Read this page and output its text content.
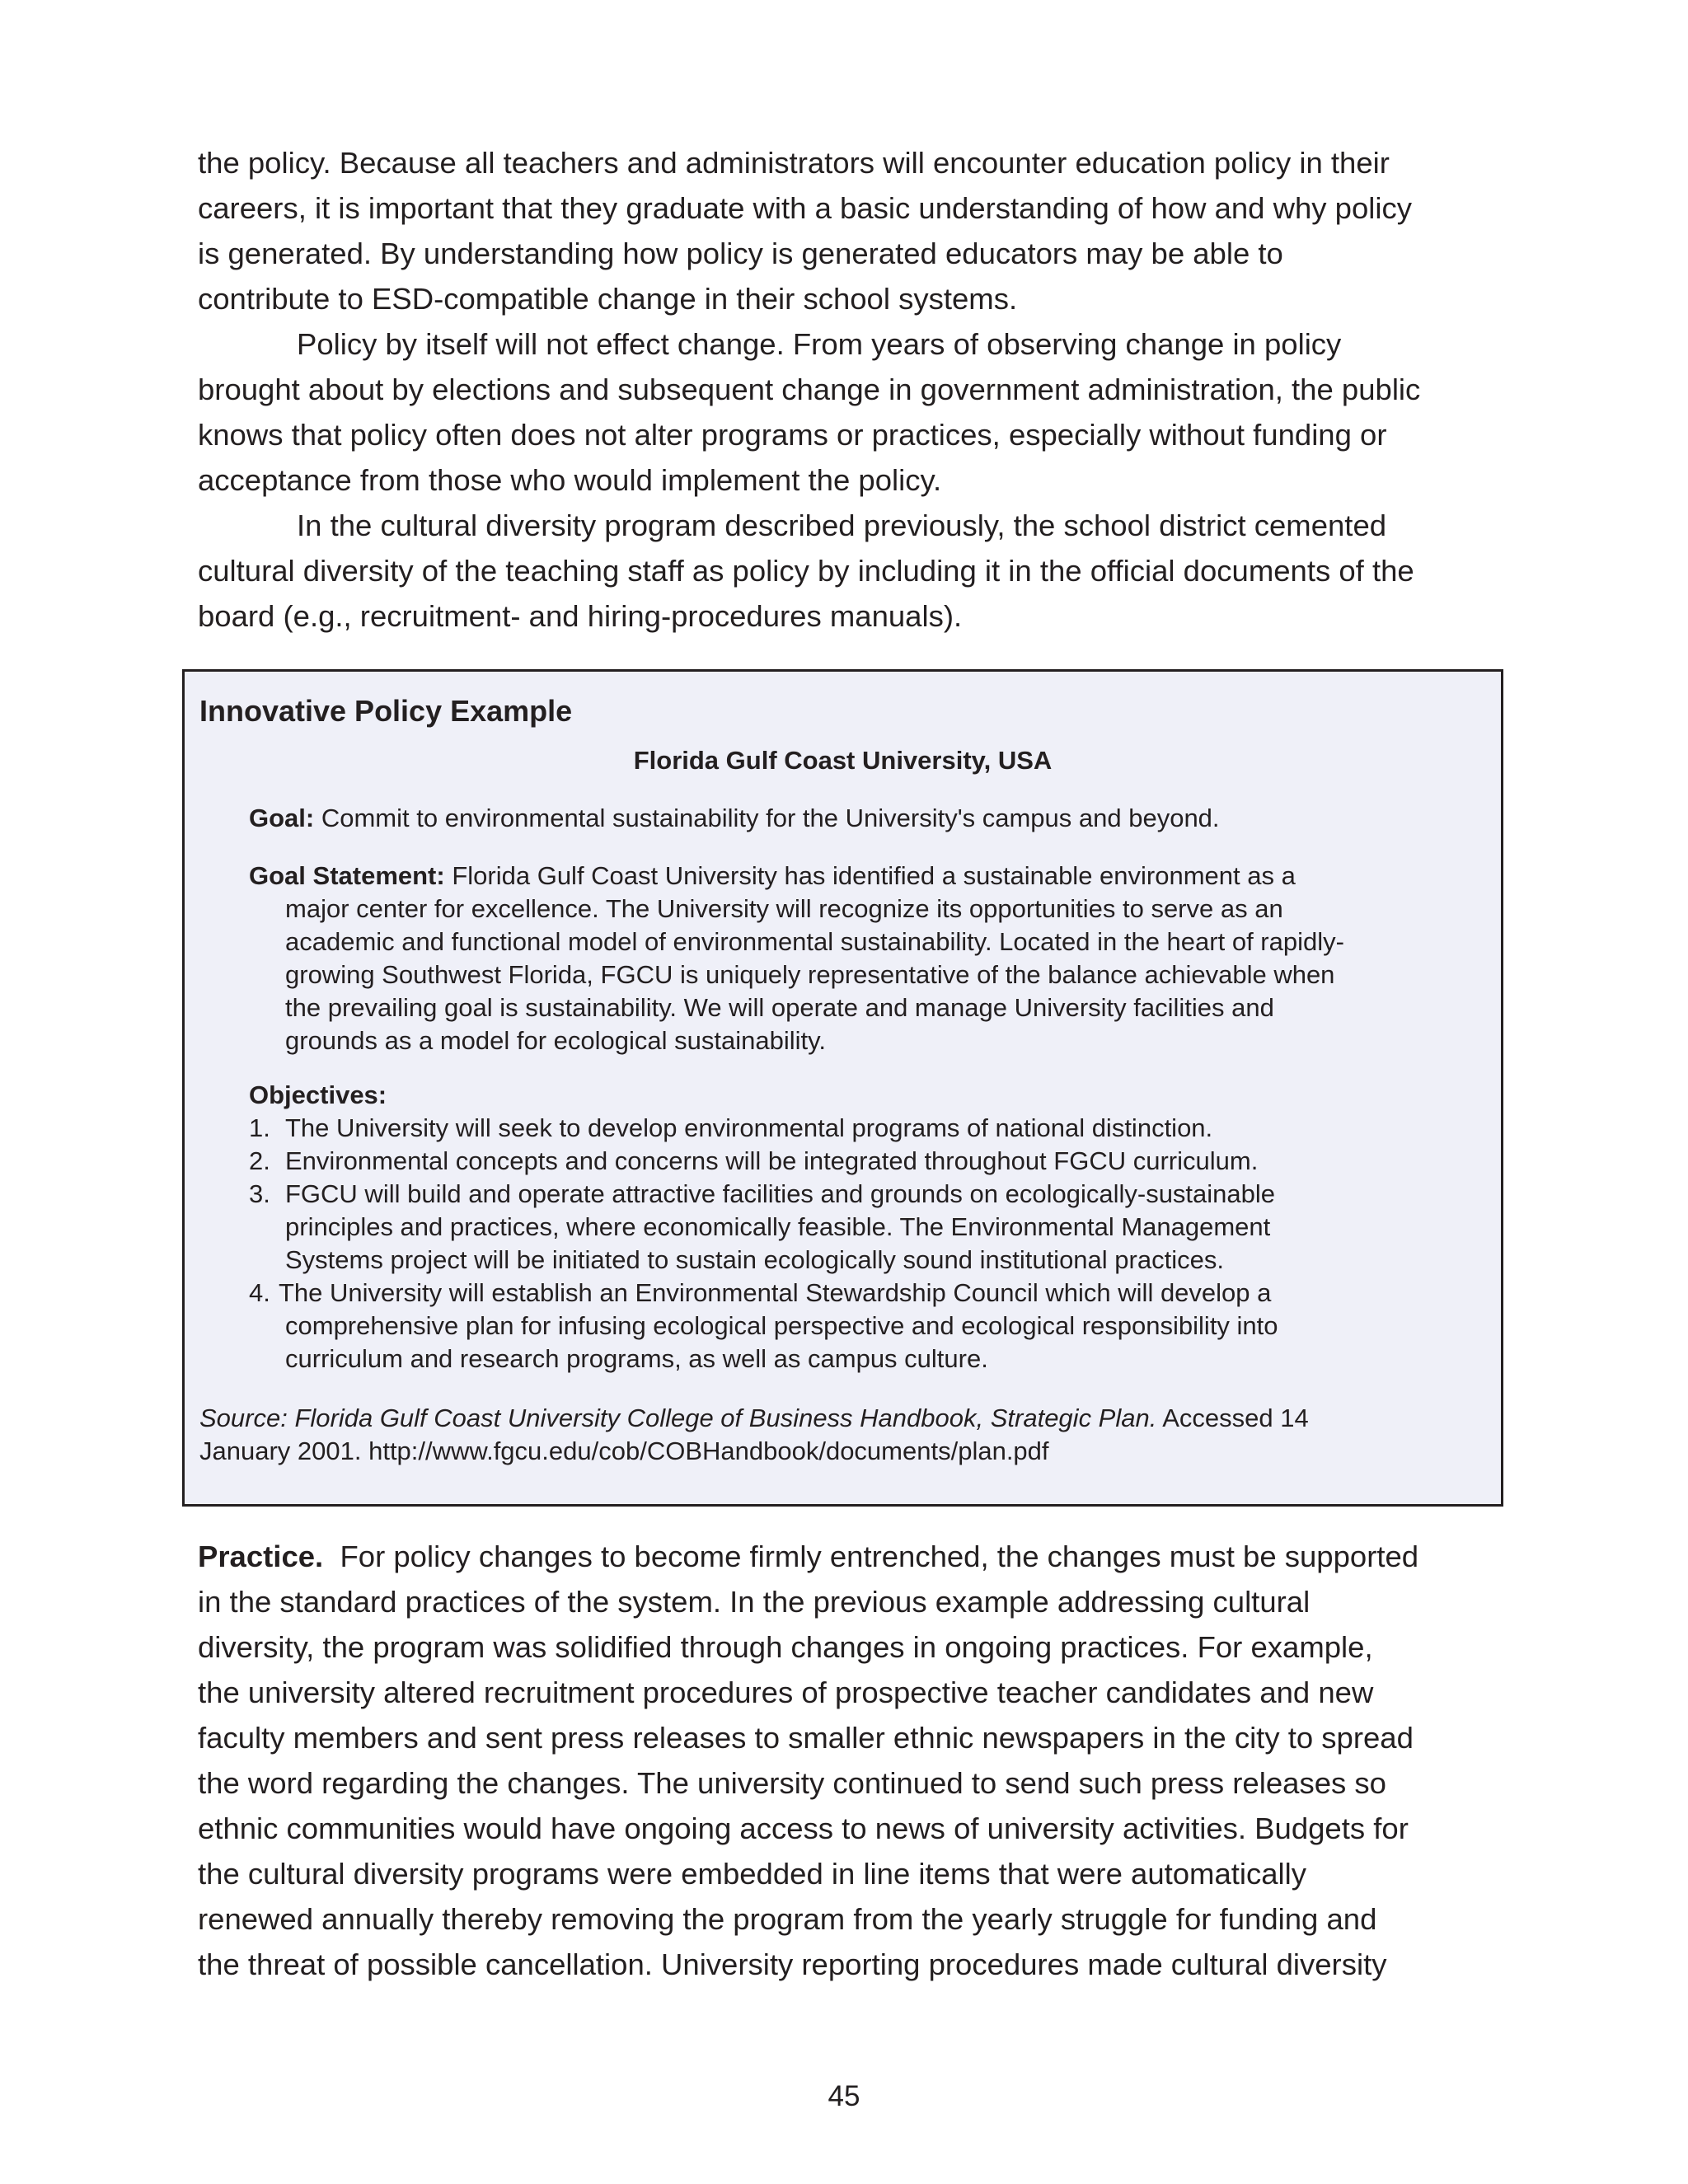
the policy. Because all teachers and administrators will encounter education policy in their
careers, it is important that they graduate with a basic understanding of how and why policy
is generated. By understanding how policy is generated educators may be able to
contribute to ESD-compatible change in their school systems.

Policy by itself will not effect change. From years of observing change in policy
brought about by elections and subsequent change in government administration, the public
knows that policy often does not alter programs or practices, especially without funding or
acceptance from those who would implement the policy.

In the cultural diversity program described previously, the school district cemented
cultural diversity of the teaching staff as policy by including it in the official documents of the
board (e.g., recruitment- and hiring-procedures manuals).

Innovative Policy Example

Florida Gulf Coast University, USA

Goal: Commit to environmental sustainability for the University's campus and beyond.
Goal Statement: Florida Gulf Coast University has identified a sustainable environment as a
major center for excellence. The University will recognize its opportunities to serve as an
academic and functional model of environmental sustainability. Located in the heart of rapidly-
growing Southwest Florida, FGCU is uniquely representative of the balance achievable when
the prevailing goal is sustainability. We will operate and manage University facilities and
grounds as a model for ecological sustainability.
Objectives:
1. The University will seek to develop environmental programs of national distinction.
2. Environmental concepts and concerns will be integrated throughout FGCU curriculum.
3. FGCU will build and operate attractive facilities and grounds on ecologically-sustainable
principles and practices, where economically feasible. The Environmental Management
Systems project will be initiated to sustain ecologically sound institutional practices.
4. The University will establish an Environmental Stewardship Council which will develop a
comprehensive plan for infusing ecological perspective and ecological responsibility into
curriculum and research programs, as well as campus culture.
Source: Florida Gulf Coast University College of Business Handbook, Strategic Plan. Accessed 14
January 2001. http://www.fgcu.edu/cob/COBHandbook/documents/plan.pdf

Practice.  For policy changes to become firmly entrenched, the changes must be supported
in the standard practices of the system. In the previous example addressing cultural
diversity, the program was solidified through changes in ongoing practices. For example,
the university altered recruitment procedures of prospective teacher candidates and new
faculty members and sent press releases to smaller ethnic newspapers in the city to spread
the word regarding the changes. The university continued to send such press releases so
ethnic communities would have ongoing access to news of university activities. Budgets for
the cultural diversity programs were embedded in line items that were automatically
renewed annually thereby removing the program from the yearly struggle for funding and
the threat of possible cancellation. University reporting procedures made cultural diversity

45
